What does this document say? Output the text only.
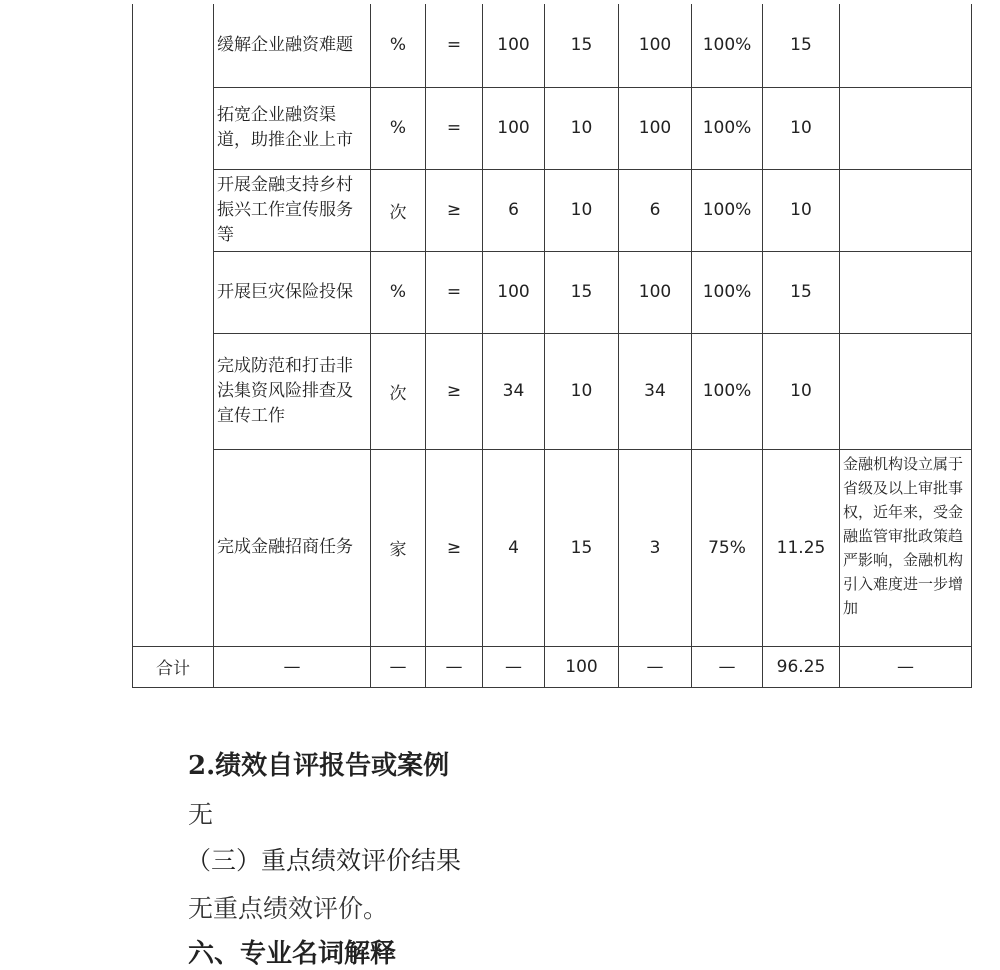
	缓解企业融资难题	%	=	100	15	100	100%	15	
	拓宽企业融资渠道，助推企业上市	%	=	100	10	100	100%	10	
	开展金融支持乡村振兴工作宣传服务等	次	≥	6	10	6	100%	10	
	开展巨灾保险投保	%	=	100	15	100	100%	15	
	完成防范和打击非法集资风险排查及宣传工作	次	≥	34	10	34	100%	10	
	完成金融招商任务	家	≥	4	15	3	75%	11.25	金融机构设立属于省级及以上审批事权，近年来，受金融监管审批政策趋严影响，金融机构引入难度进一步增加
合计	—	—	—	—	100	—	—	96.25	—
2.绩效自评报告或案例
无
（三）重点绩效评价结果
无重点绩效评价。
六、专业名词解释
